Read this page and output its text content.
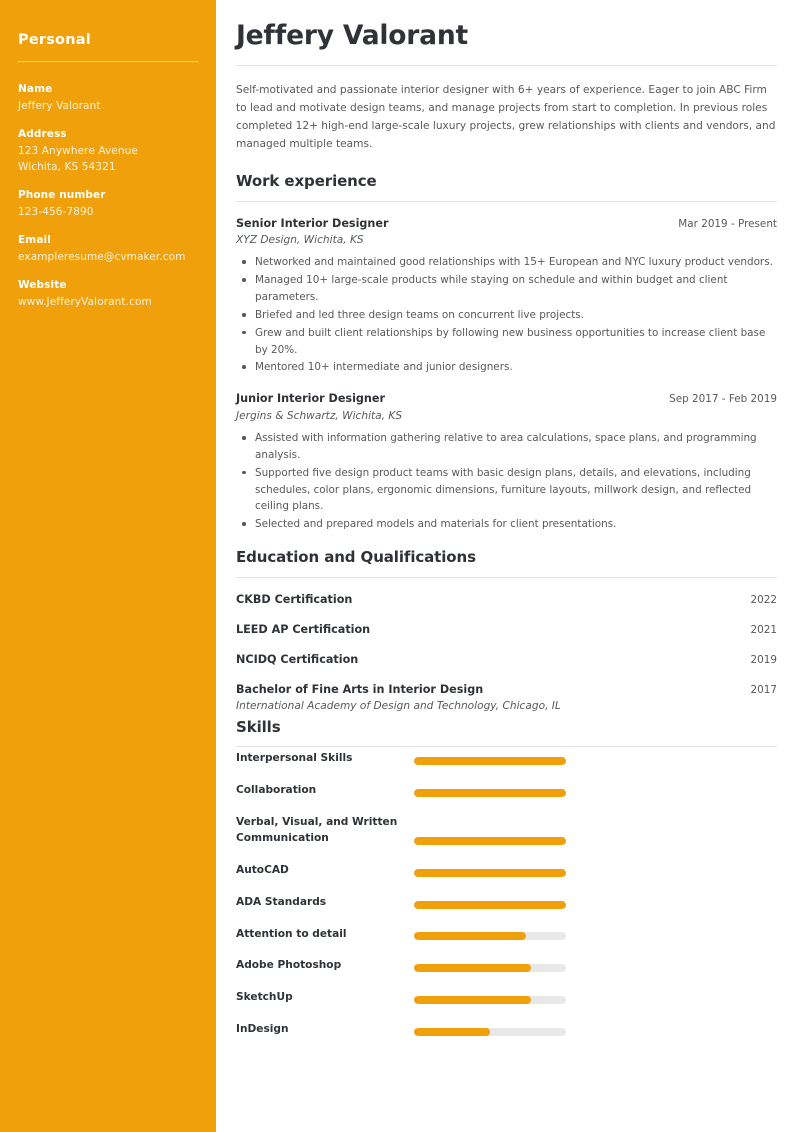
Personal
Name
Jeffery Valorant
Address
123 Anywhere Avenue
Wichita, KS 54321
Phone number
123-456-7890
Email
exampleresume@cvmaker.com
Website
www.JefferyValorant.com
Jeffery Valorant

Self-motivated and passionate interior designer with 6+ years of experience. Eager to join ABC Firm to lead and motivate design teams, and manage projects from start to completion. In previous roles completed 12+ high-end large-scale luxury projects, grew relationships with clients and vendors, and managed multiple teams.

Work experience
Senior Interior Designer	Mar 2019 - Present
XYZ Design, Wichita, KS
Networked and maintained good relationships with 15+ European and NYC luxury product vendors.
Managed 10+ large-scale products while staying on schedule and within budget and client parameters.
Briefed and led three design teams on concurrent live projects.
Grew and built client relationships by following new business opportunities to increase client base by 20%.
Mentored 10+ intermediate and junior designers.
Junior Interior Designer	Sep 2017 - Feb 2019
Jergins & Schwartz, Wichita, KS
Assisted with information gathering relative to area calculations, space plans, and programming analysis.
Supported five design product teams with basic design plans, details, and elevations, including schedules, color plans, ergonomic dimensions, furniture layouts, millwork design, and reflected ceiling plans.
Selected and prepared models and materials for client presentations.
Education and Qualifications
CKBD Certification	2022
LEED AP Certification	2021
NCIDQ Certification	2019
Bachelor of Fine Arts in Interior Design	2017
International Academy of Design and Technology, Chicago, IL
Skills
Interpersonal Skills
Collaboration
Verbal, Visual, and Written Communication
AutoCAD
ADA Standards
Attention to detail
Adobe Photoshop
SketchUp
InDesign
